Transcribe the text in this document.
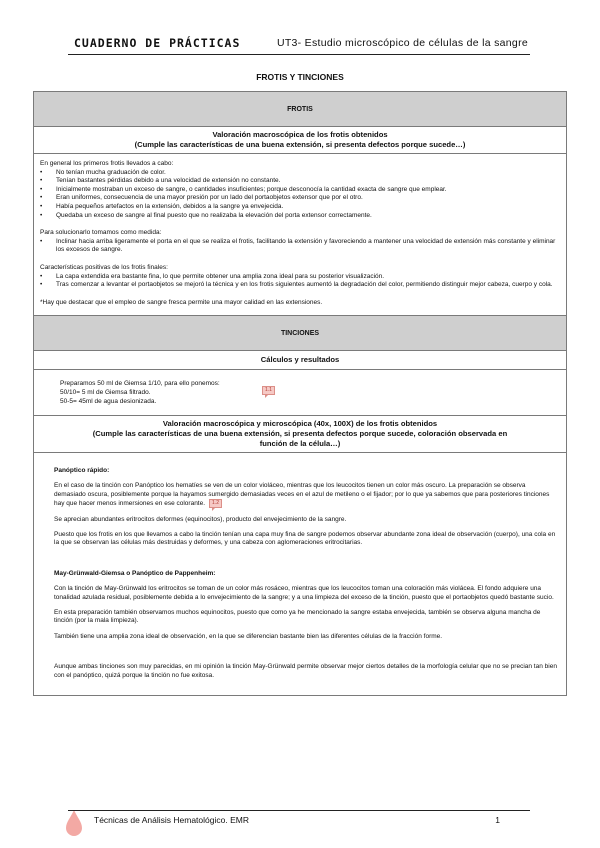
CUADERNO DE PRÁCTICAS	UT3- Estudio microscópico de células de la sangre
FROTIS Y TINCIONES
FROTIS

Valoración macroscópica de los frotis obtenidos
(Cumple las características de una buena extensión, si presenta defectos porque sucede…)

En general los primeros frotis llevados a cabo:

• No tenían mucha graduación de color.
• Tenían bastantes pérdidas debido a una velocidad de extensión no constante.
• Inicialmente mostraban un exceso de sangre, o cantidades insuficientes; porque desconocía la cantidad exacta de sangre que emplear.
• Eran uniformes, consecuencia de una mayor presión por un lado del portaobjetos extensor que por el otro.
• Había pequeños artefactos en la extensión, debidos a la sangre ya envejecida.
• Quedaba un exceso de sangre al final puesto que no realizaba la elevación del porta extensor correctamente.

Para solucionarlo tomamos como medida:

• Inclinar hacia arriba ligeramente el porta en el que se realiza el frotis, facilitando la extensión y favoreciendo a mantener una velocidad de extensión más constante y eliminar los excesos de sangre.

Características positivas de los frotis finales:

• La capa extendida era bastante fina, lo que permite obtener una amplia zona ideal para su posterior visualización.
• Tras comenzar a levantar el portaobjetos se mejoró la técnica y en los frotis siguientes aumentó la degradación del color, permitiendo distinguir mejor cabeza, cuerpo y cola.

*Hay que destacar que el empleo de sangre fresca permite una mayor calidad en las extensiones.

TINCIONES
Cálculos y resultados

Preparamos 50 ml de Giemsa 1/10, para ello ponemos:
50/10= 5 ml de Giemsa filtrado.
50-5= 45ml de agua desionizada.
1.1

Valoración macroscópica y microscópica (40x, 100X) de los frotis obtenidos
(Cumple las características de una buena extensión, si presenta defectos porque sucede, coloración observada en
función de la célula…)

Panóptico rápido:

En el caso de la tinción con Panóptico los hematíes se ven de un color violáceo, mientras que los leucocitos tienen un color más oscuro. La preparación se observa demasiado oscura, posiblemente porque la hayamos sumergido demasiadas veces en el azul de metileno o el fijador; por lo que ya sabemos que para posteriores tinciones hay que hacer menos inmersiones en ese colorante. 1.2

Se aprecian abundantes eritrocitos deformes (equinocitos), producto del envejecimiento de la sangre.

Puesto que los frotis en los que llevamos a cabo la tinción tenían una capa muy fina de sangre podemos observar abundante zona ideal de observación (cuerpo), una cola en la que se observan las células más destruidas y deformes, y una cabeza con aglomeraciones eritrocitarias.

May-Grünwald-Giemsa o Panóptico de Pappenheim:

Con la tinción de May-Grünwald los eritrocitos se toman de un color más rosáceo, mientras que los leucocitos toman una coloración más violácea. El fondo adquiere una tonalidad azulada residual, posiblemente debida a lo envejecimiento de la sangre; y a una limpieza del exceso de la tinción, puesto que el portaobjetos quedó bastante sucio.

En esta preparación también observamos muchos equinocitos, puesto que como ya he mencionado la sangre estaba envejecida, también se observa alguna mancha de tinción (por la mala limpieza).

También tiene una amplia zona ideal de observación, en la que se diferencian bastante bien las diferentes células de la fracción forme.

Aunque ambas tinciones son muy parecidas, en mi opinión la tinción May-Grünwald permite observar mejor ciertos detalles de la morfología celular que no se precian tan bien con el panóptico, quizá porque la tinción no fue exitosa.

Técnicas de Análisis Hematológico. EMR	1
